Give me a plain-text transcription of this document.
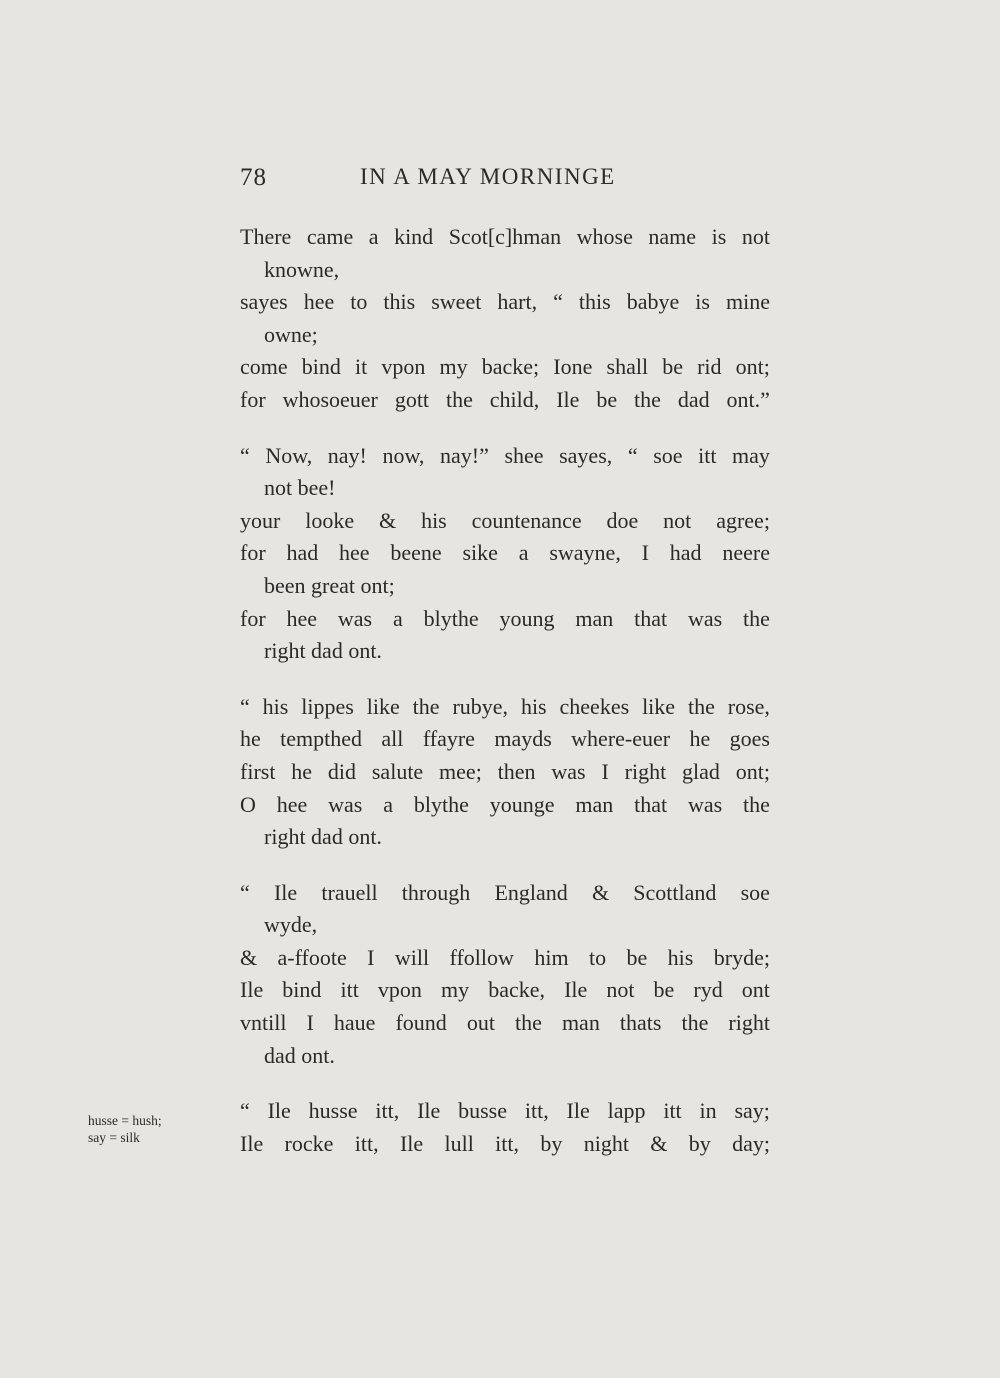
78	IN A MAY MORNINGE
There came a kind Scot[c]hman whose name is not
knowne,
sayes hee to this sweet hart, “ this babye is mine
owne;
come bind it vpon my backe; Ione shall be rid ont;
for whosoeuer gott the child, Ile be the dad ont.”
“ Now, nay! now, nay!” shee sayes, “ soe itt may
not bee!
your looke & his countenance doe not agree;
for had hee beene sike a swayne, I had neere
been great ont;
for hee was a blythe young man that was the
right dad ont.
“ his lippes like the rubye, his cheekes like the rose,
he tempthed all ffayre mayds where-euer he goes
first he did salute mee; then was I right glad ont;
O hee was a blythe younge man that was the
right dad ont.
“ Ile trauell through England & Scottland soe
wyde,
& a-ffoote I will ffollow him to be his bryde;
Ile bind itt vpon my backe, Ile not be ryd ont
vntill I haue found out the man thats the right
dad ont.
“ Ile husse itt, Ile busse itt, Ile lapp itt in say;
Ile rocke itt, Ile lull itt, by night & by day;
husse = hush;
say = silk
